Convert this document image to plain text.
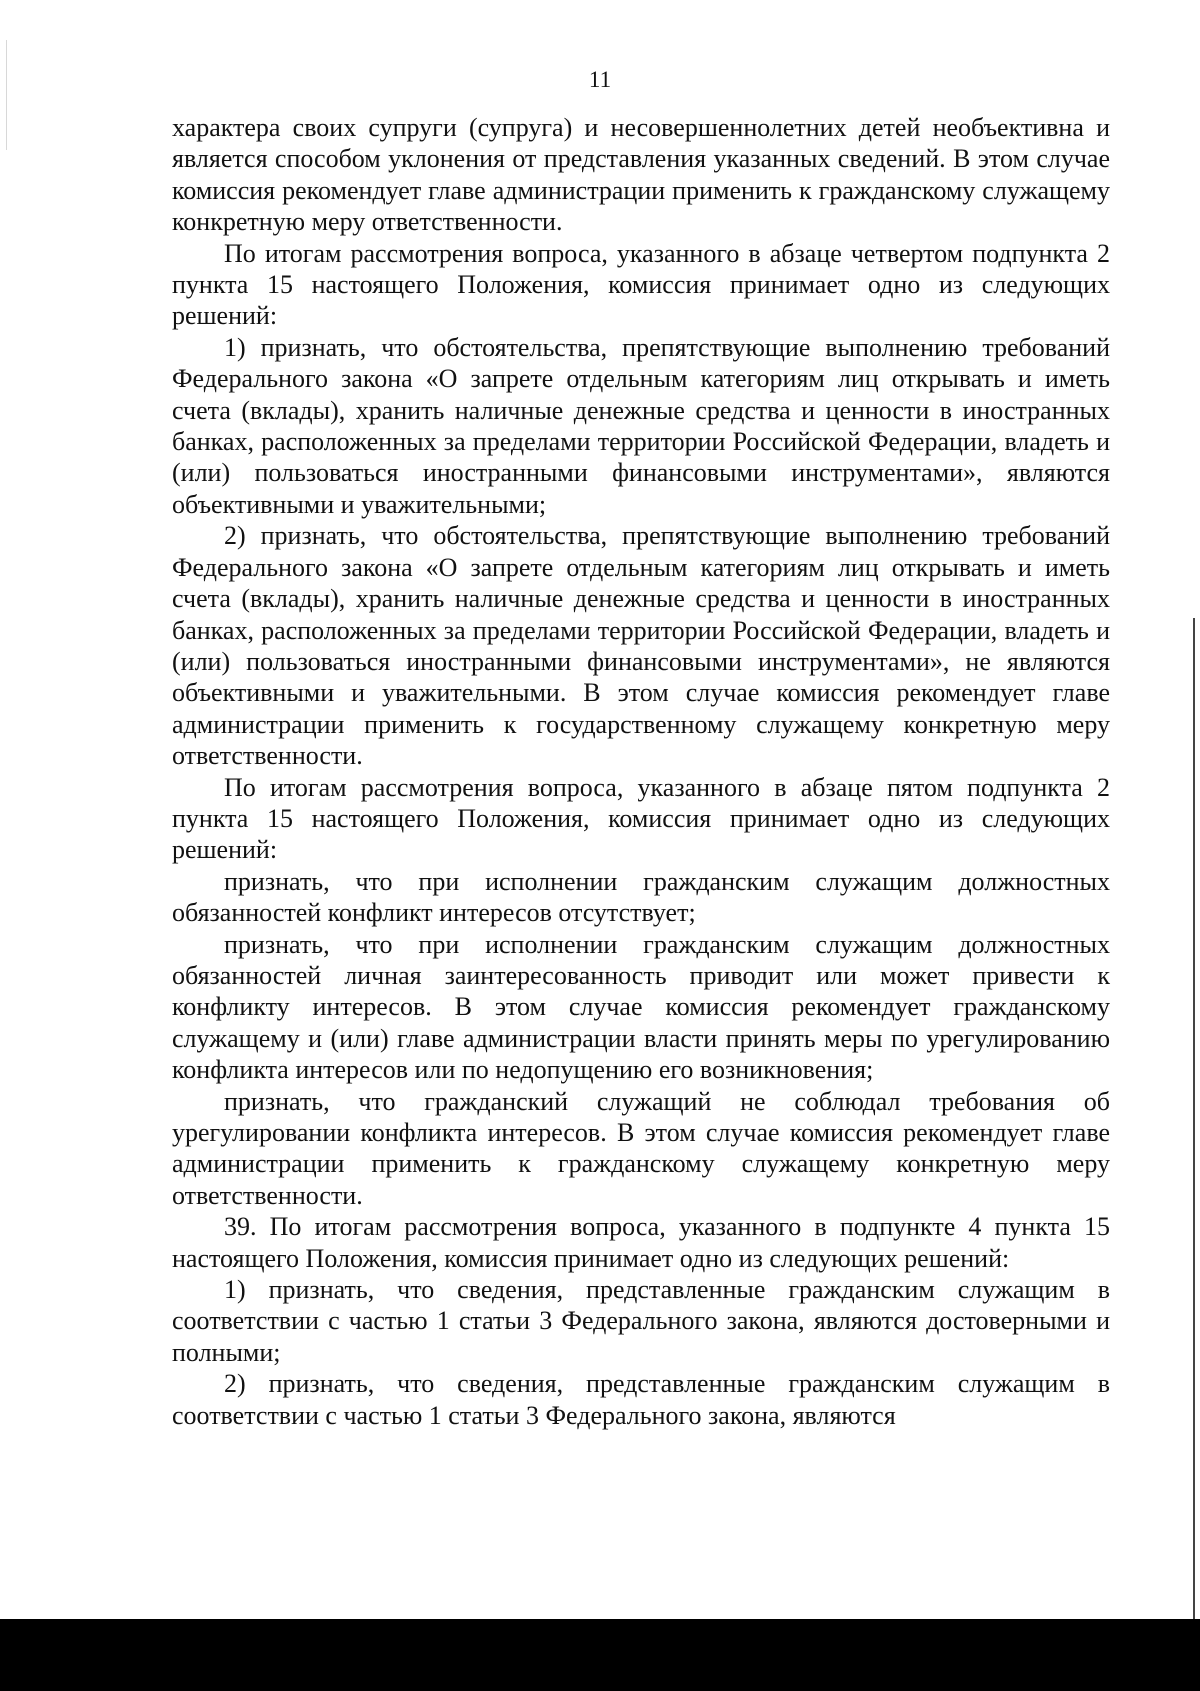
11

характера своих супруги (супруга) и несовершеннолетних детей необъективна и является способом уклонения от представления указанных сведений. В этом случае комиссия рекомендует главе администрации применить к гражданскому служащему конкретную меру ответственности.

По итогам рассмотрения вопроса, указанного в абзаце четвертом подпункта 2 пункта 15 настоящего Положения, комиссия принимает одно из следующих решений:

1) признать, что обстоятельства, препятствующие выполнению требований Федерального закона «О запрете отдельным категориям лиц открывать и иметь счета (вклады), хранить наличные денежные средства и ценности в иностранных банках, расположенных за пределами территории Российской Федерации, владеть и (или) пользоваться иностранными финансовыми инструментами», являются объективными и уважительными;

2) признать, что обстоятельства, препятствующие выполнению требований Федерального закона «О запрете отдельным категориям лиц открывать и иметь счета (вклады), хранить наличные денежные средства и ценности в иностранных банках, расположенных за пределами территории Российской Федерации, владеть и (или) пользоваться иностранными финансовыми инструментами», не являются объективными и уважительными. В этом случае комиссия рекомендует главе администрации применить к государственному служащему конкретную меру ответственности.

По итогам рассмотрения вопроса, указанного в абзаце пятом подпункта 2 пункта 15 настоящего Положения, комиссия принимает одно из следующих решений:

признать, что при исполнении гражданским служащим должностных обязанностей конфликт интересов отсутствует;

признать, что при исполнении гражданским служащим должностных обязанностей личная заинтересованность приводит или может привести к конфликту интересов. В этом случае комиссия рекомендует гражданскому служащему и (или) главе администрации власти принять меры по урегулированию конфликта интересов или по недопущению его возникновения;

признать, что гражданский служащий не соблюдал требования об урегулировании конфликта интересов. В этом случае комиссия рекомендует главе администрации применить к гражданскому служащему конкретную меру ответственности.

39. По итогам рассмотрения вопроса, указанного в подпункте 4 пункта 15 настоящего Положения, комиссия принимает одно из следующих решений:

1) признать, что сведения, представленные гражданским служащим в соответствии с частью 1 статьи 3 Федерального закона, являются достоверными и полными;

2) признать, что сведения, представленные гражданским служащим в соответствии с частью 1 статьи 3 Федерального закона, являются
